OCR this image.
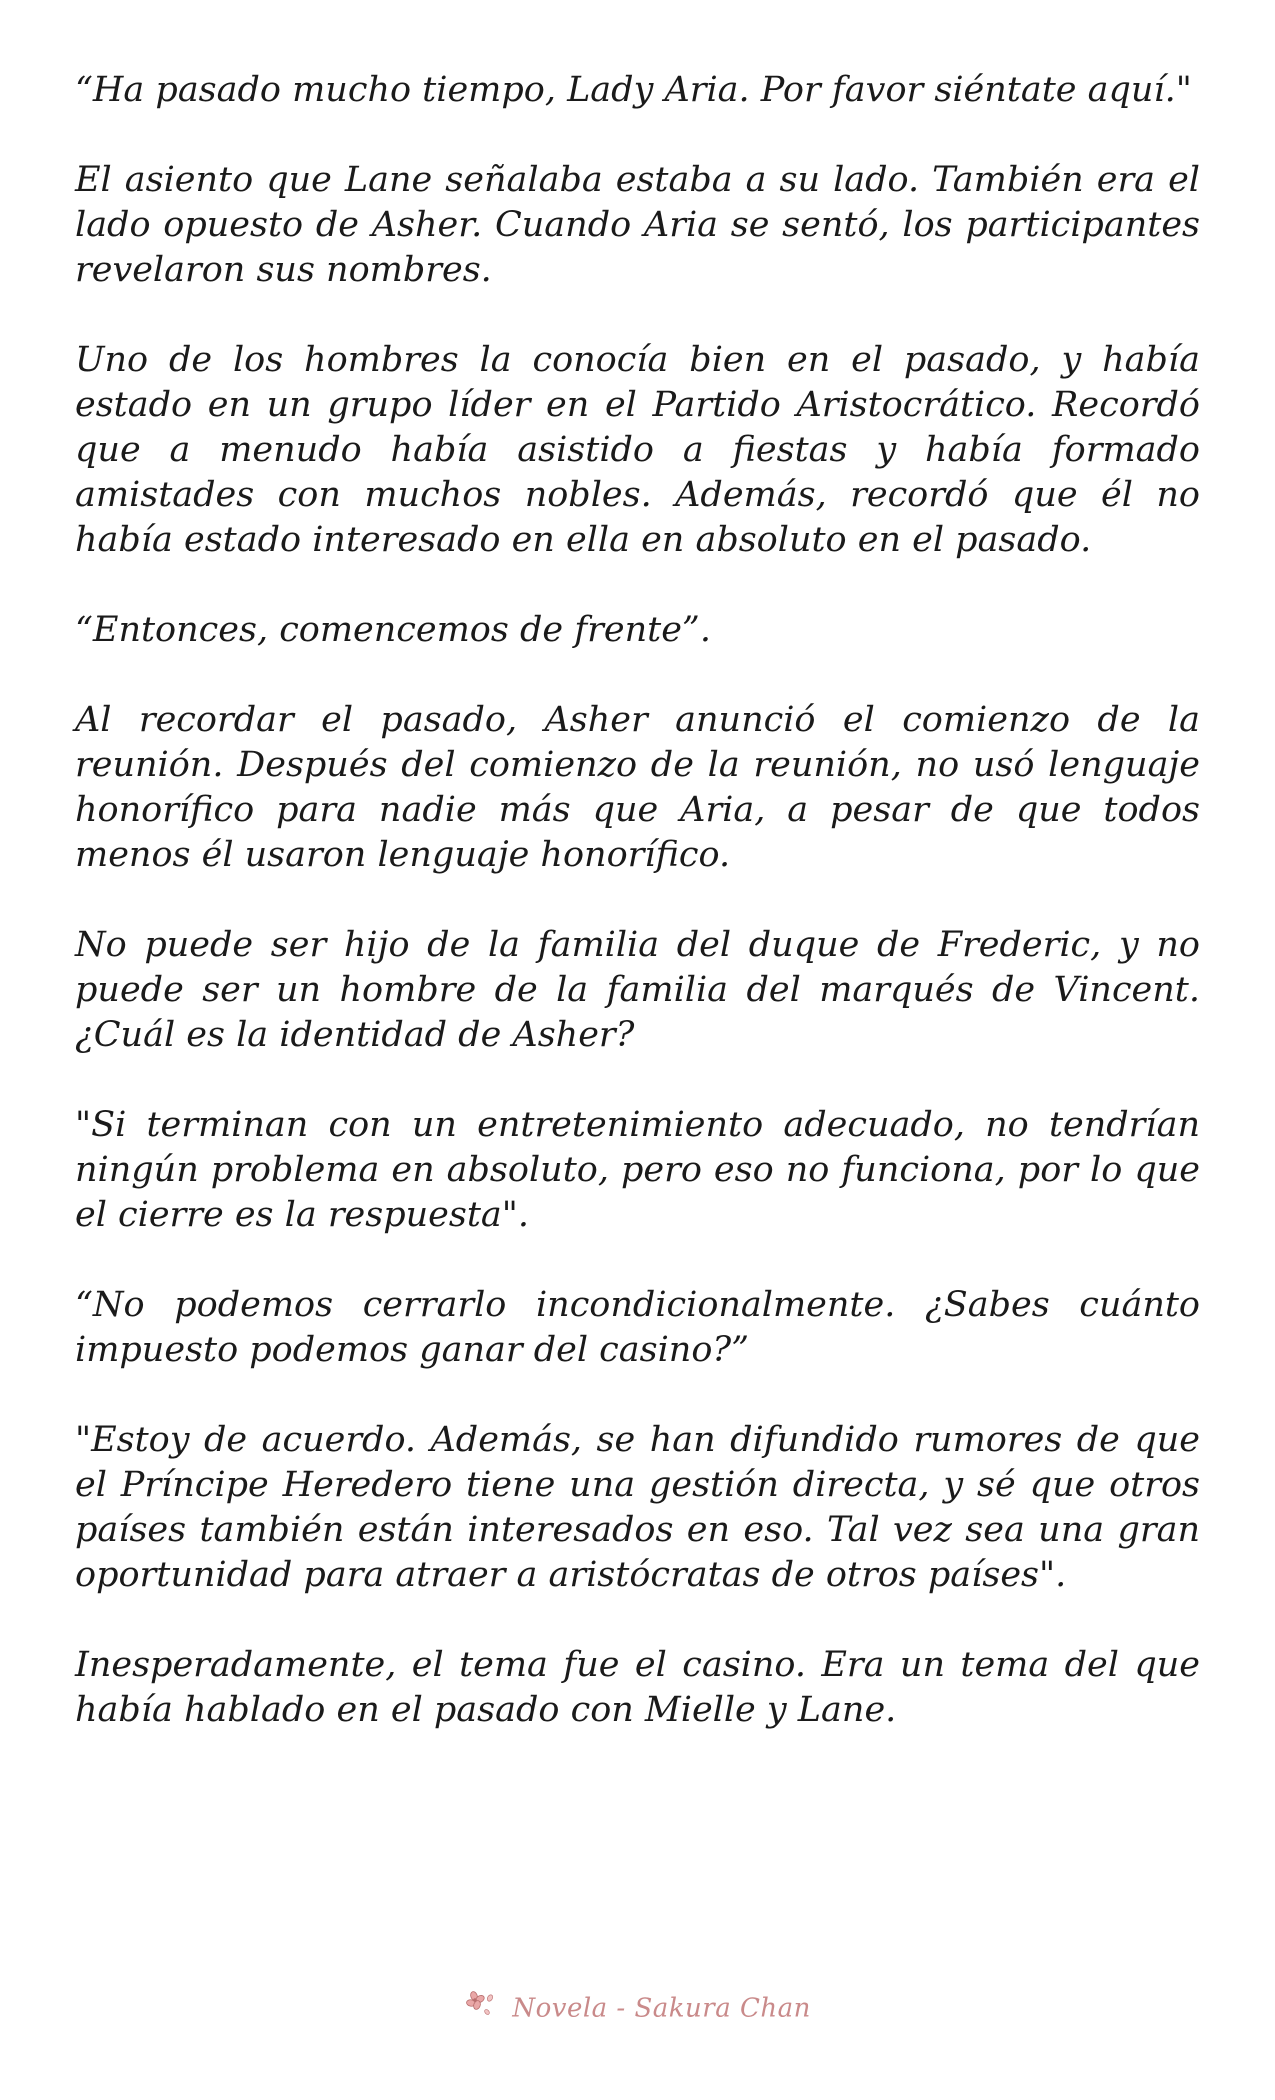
“Ha pasado mucho tiempo, Lady Aria. Por favor siéntate aquí."

El asiento que Lane señalaba estaba a su lado. También era el lado opuesto de Asher. Cuando Aria se sentó, los participantes revelaron sus nombres.

Uno de los hombres la conocía bien en el pasado, y había estado en un grupo líder en el Partido Aristocrático. Recordó que a menudo había asistido a fiestas y había formado amistades con muchos nobles. Además, recordó que él no había estado interesado en ella en absoluto en el pasado.

“Entonces, comencemos de frente”.

Al recordar el pasado, Asher anunció el comienzo de la reunión. Después del comienzo de la reunión, no usó lenguaje honorífico para nadie más que Aria, a pesar de que todos menos él usaron lenguaje honorífico.

No puede ser hijo de la familia del duque de Frederic, y no puede ser un hombre de la familia del marqués de Vincent. ¿Cuál es la identidad de Asher?

"Si terminan con un entretenimiento adecuado, no tendrían ningún problema en absoluto, pero eso no funciona, por lo que el cierre es la respuesta".

“No podemos cerrarlo incondicionalmente. ¿Sabes cuánto impuesto podemos ganar del casino?”

"Estoy de acuerdo. Además, se han difundido rumores de que el Príncipe Heredero tiene una gestión directa, y sé que otros países también están interesados en eso. Tal vez sea una gran oportunidad para atraer a aristócratas de otros países".

Inesperadamente, el tema fue el casino. Era un tema del que había hablado en el pasado con Mielle y Lane.

Novela - Sakura Chan
